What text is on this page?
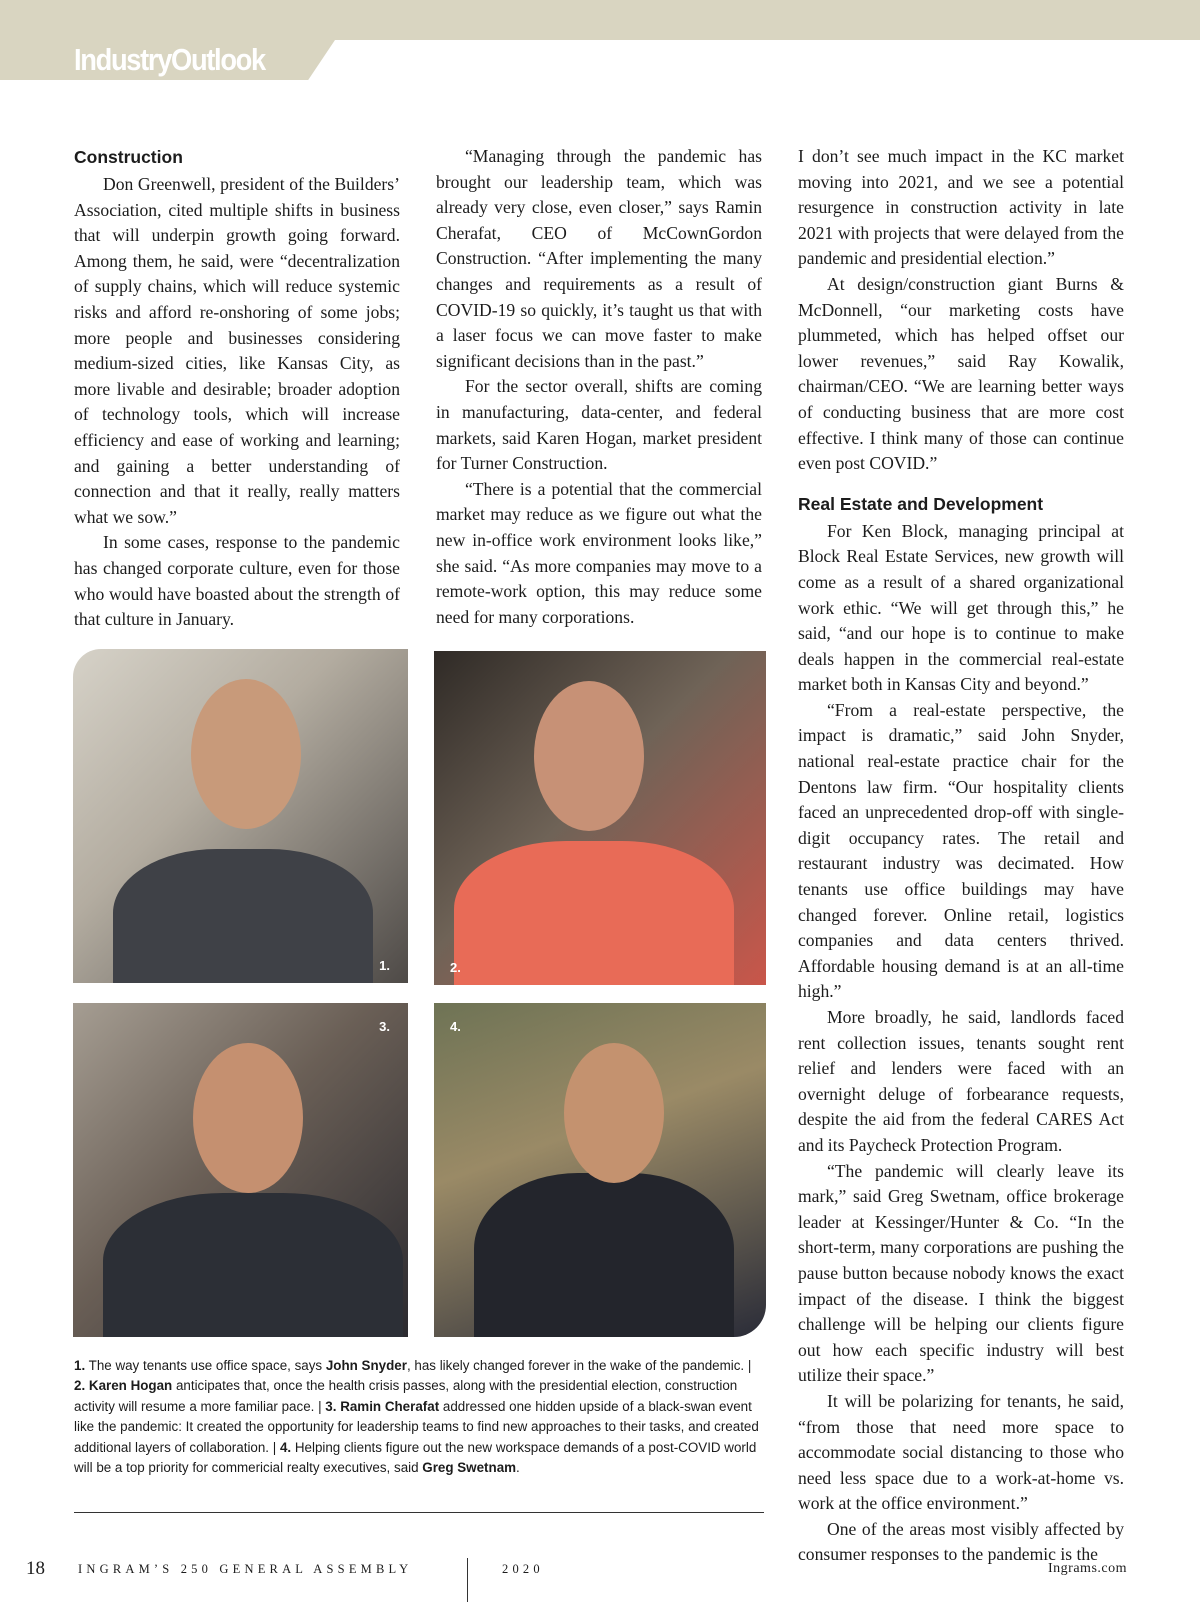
IndustryOutlook
Construction

Don Greenwell, president of the Builders’ Association, cited multiple shifts in business that will underpin growth going forward. Among them, he said, were “decentralization of supply chains, which will reduce systemic risks and afford re-onshoring of some jobs; more people and businesses considering medium-sized cities, like Kansas City, as more livable and desirable; broader adoption of technology tools, which will increase efficiency and ease of working and learning; and gaining a better understanding of connection and that it really, really matters what we sow.”

In some cases, response to the pandemic has changed corporate culture, even for those who would have boasted about the strength of that culture in January.

“Managing through the pandemic has brought our leadership team, which was already very close, even closer,” says Ramin Cherafat, CEO of McCownGordon Construction. “After implementing the many changes and requirements as a result of COVID-19 so quickly, it’s taught us that with a laser focus we can move faster to make significant decisions than in the past.”

For the sector overall, shifts are coming in manufacturing, data-center, and federal markets, said Karen Hogan, market president for Turner Construction.

“There is a potential that the commercial market may reduce as we figure out what the new in-office work environment looks like,” she said. “As more companies may move to a remote-work option, this may reduce some need for many corporations.

I don’t see much impact in the KC market moving into 2021, and we see a potential resurgence in construction activity in late 2021 with projects that were delayed from the pandemic and presidential election.”

At design/construction giant Burns & McDonnell, “our marketing costs have plummeted, which has helped offset our lower revenues,” said Ray Kowalik, chairman/CEO. “We are learning better ways of conducting business that are more cost effective. I think many of those can continue even post COVID.”

Real Estate and Development

For Ken Block, managing principal at Block Real Estate Services, new growth will come as a result of a shared organizational work ethic. “We will get through this,” he said, “and our hope is to continue to make deals happen in the commercial real-estate market both in Kansas City and beyond.”

“From a real-estate perspective, the impact is dramatic,” said John Snyder, national real-estate practice chair for the Dentons law firm. “Our hospitality clients faced an unprecedented drop-off with single-digit occupancy rates. The retail and restaurant industry was decimated. How tenants use office buildings may have changed forever. Online retail, logistics companies and data centers thrived. Affordable housing demand is at an all-time high.”

More broadly, he said, landlords faced rent collection issues, tenants sought rent relief and lenders were faced with an overnight deluge of forbearance requests, despite the aid from the federal CARES Act and its Paycheck Protection Program.

“The pandemic will clearly leave its mark,” said Greg Swetnam, office brokerage leader at Kessinger/Hunter & Co. “In the short-term, many corporations are pushing the pause button because nobody knows the exact impact of the disease. I think the biggest challenge will be helping our clients figure out how each specific industry will best utilize their space.”

It will be polarizing for tenants, he said, “from those that need more space to accommodate social distancing to those who need less space due to a work-at-home vs. work at the office environment.”

One of the areas most visibly affected by consumer responses to the pandemic is the

1.	2.
3.	4.
1. The way tenants use office space, says John Snyder, has likely changed forever in the wake of the pandemic. | 2. Karen Hogan anticipates that, once the health crisis passes, along with the presidential election, construction activity will resume a more familiar pace. | 3. Ramin Cherafat addressed one hidden upside of a black-swan event like the pandemic: It created the opportunity for leadership teams to find new approaches to their tasks, and created additional layers of collaboration. | 4. Helping clients figure out the new workspace demands of a post-COVID world will be a top priority for commericial realty executives, said Greg Swetnam.
18	INGRAM’S 250 GENERAL ASSEMBLY	2020	Ingrams.com
